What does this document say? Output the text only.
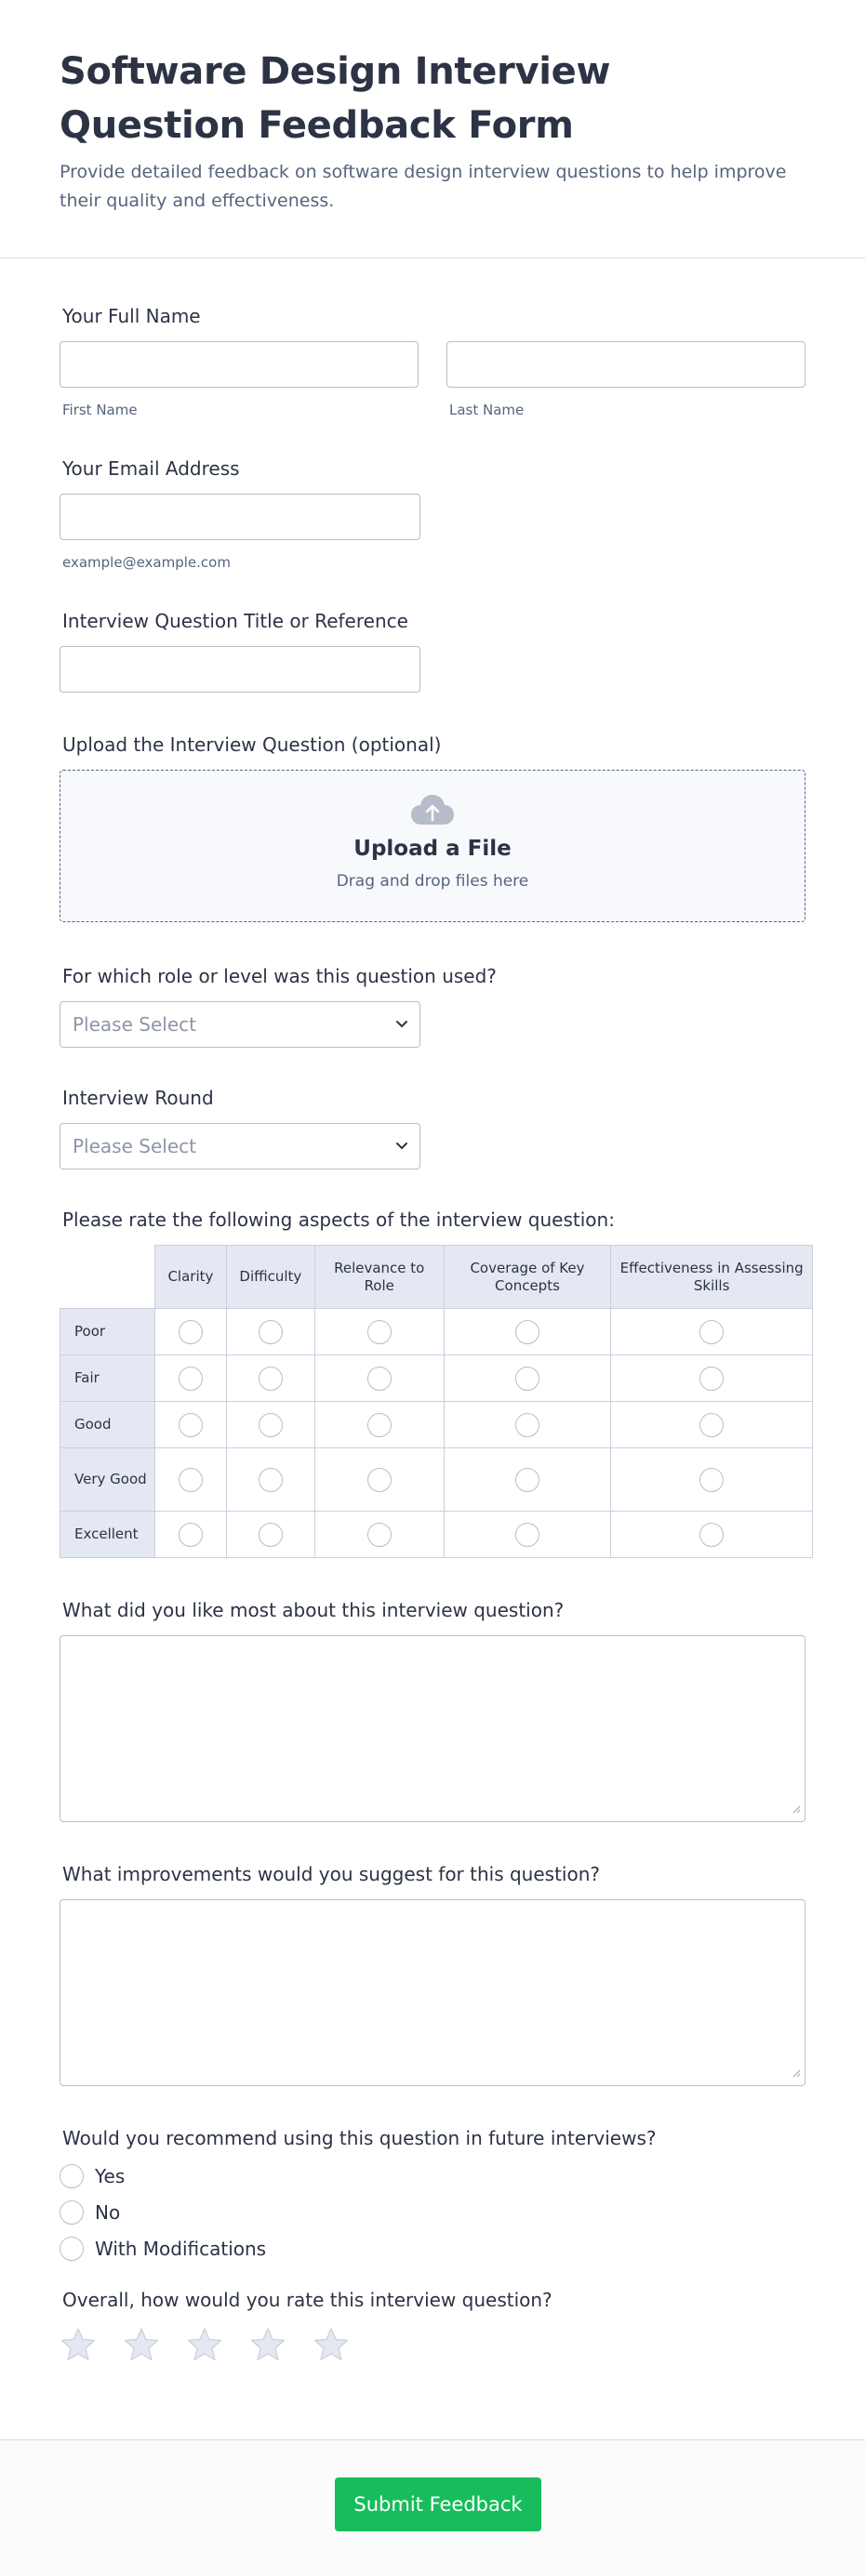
Software Design Interview Question Feedback Form

Provide detailed feedback on software design interview questions to help improve their quality and effectiveness.

Your Full Name
First Name	Last Name
Your Email Address
example@example.com
Interview Question Title or Reference
Upload the Interview Question (optional)
Upload a File
Drag and drop files here
For which role or level was this question used?
Please Select
Interview Round
Please Select
Please rate the following aspects of the interview question:
	Clarity	Difficulty	Relevance to Role	Coverage of Key Concepts	Effectiveness in Assessing Skills
Poor					
Fair					
Good					
Very Good					
Excellent					
What did you like most about this interview question?
What improvements would you suggest for this question?
Would you recommend using this question in future interviews?
Yes
No
With Modifications
Overall, how would you rate this interview question?
Submit Feedback
